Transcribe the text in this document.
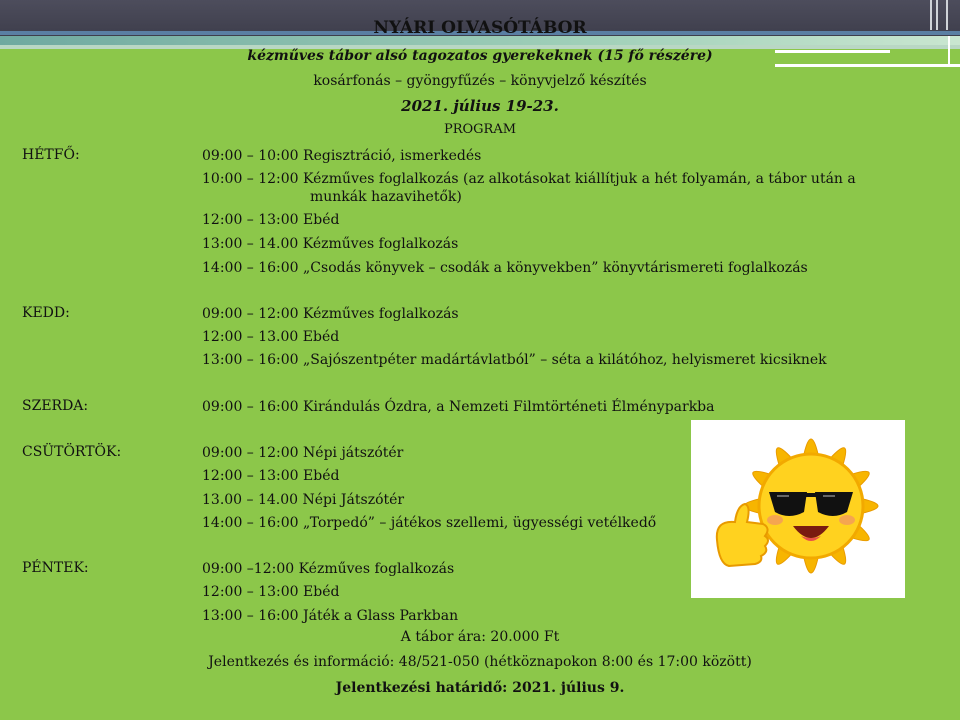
NYÁRI OLVASÓTÁBOR
kézműves tábor alsó tagozatos gyerekeknek (15 fő részére)
kosárfonás – gyöngyfűzés – könyvjelző készítés
2021. július 19-23.
PROGRAM
HÉTFŐ:	09:00 – 10:00 Regisztráció, ismerkedés
10:00 – 12:00 Kézműves foglalkozás (az alkotásokat kiállítjuk a hét folyamán, a tábor után a
munkák hazavihetők)
12:00 – 13:00 Ebéd
13:00 – 14.00 Kézműves foglalkozás
14:00 – 16:00 „Csodás könyvek – csodák a könyvekben” könyvtárismereti foglalkozás
KEDD:	09:00 – 12:00 Kézműves foglalkozás
12:00 – 13.00 Ebéd
13:00 – 16:00 „Sajószentpéter madártávlatból” – séta a kilátóhoz, helyismeret kicsiknek
SZERDA:	09:00 – 16:00 Kirándulás Ózdra, a Nemzeti Filmtörténeti Élményparkba
CSÜTÖRTÖK:	09:00 – 12:00 Népi játszótér
12:00 – 13:00 Ebéd
13.00 – 14.00 Népi Játszótér
14:00 – 16:00 „Torpedó” – játékos szellemi, ügyességi vetélkedő
PÉNTEK:	09:00 –12:00 Kézműves foglalkozás
12:00 – 13:00 Ebéd
13:00 – 16:00 Játék a Glass Parkban
A tábor ára: 20.000 Ft
Jelentkezés és információ: 48/521-050 (hétköznapokon 8:00 és 17:00 között)
Jelentkezési határidő: 2021. július 9.
